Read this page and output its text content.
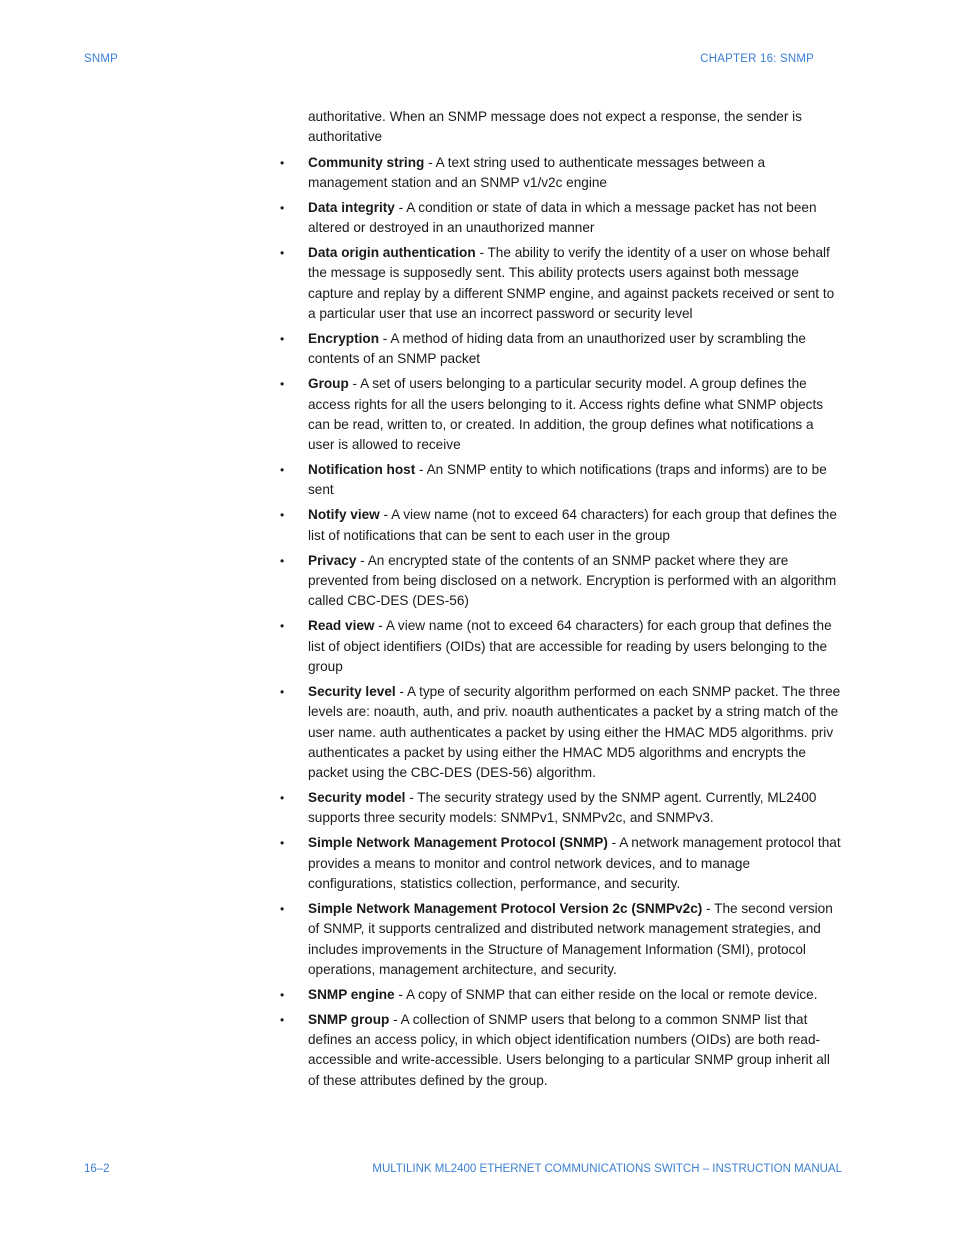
SNMP	CHAPTER 16: SNMP

authoritative. When an SNMP message does not expect a response, the sender is authoritative

• Community string - A text string used to authenticate messages between a management station and an SNMP v1/v2c engine
• Data integrity - A condition or state of data in which a message packet has not been altered or destroyed in an unauthorized manner
• Data origin authentication - The ability to verify the identity of a user on whose behalf the message is supposedly sent. This ability protects users against both message capture and replay by a different SNMP engine, and against packets received or sent to a particular user that use an incorrect password or security level
• Encryption - A method of hiding data from an unauthorized user by scrambling the contents of an SNMP packet
• Group - A set of users belonging to a particular security model. A group defines the access rights for all the users belonging to it. Access rights define what SNMP objects can be read, written to, or created. In addition, the group defines what notifications a user is allowed to receive
• Notification host - An SNMP entity to which notifications (traps and informs) are to be sent
• Notify view - A view name (not to exceed 64 characters) for each group that defines the list of notifications that can be sent to each user in the group
• Privacy - An encrypted state of the contents of an SNMP packet where they are prevented from being disclosed on a network. Encryption is performed with an algorithm called CBC-DES (DES-56)
• Read view - A view name (not to exceed 64 characters) for each group that defines the list of object identifiers (OIDs) that are accessible for reading by users belonging to the group
• Security level - A type of security algorithm performed on each SNMP packet. The three levels are: noauth, auth, and priv. noauth authenticates a packet by a string match of the user name. auth authenticates a packet by using either the HMAC MD5 algorithms. priv authenticates a packet by using either the HMAC MD5 algorithms and encrypts the packet using the CBC-DES (DES-56) algorithm.
• Security model - The security strategy used by the SNMP agent. Currently, ML2400 supports three security models: SNMPv1, SNMPv2c, and SNMPv3.
• Simple Network Management Protocol (SNMP) - A network management protocol that provides a means to monitor and control network devices, and to manage configurations, statistics collection, performance, and security.
• Simple Network Management Protocol Version 2c (SNMPv2c) - The second version of SNMP, it supports centralized and distributed network management strategies, and includes improvements in the Structure of Management Information (SMI), protocol operations, management architecture, and security.
• SNMP engine - A copy of SNMP that can either reside on the local or remote device.
• SNMP group - A collection of SNMP users that belong to a common SNMP list that defines an access policy, in which object identification numbers (OIDs) are both read-accessible and write-accessible. Users belonging to a particular SNMP group inherit all of these attributes defined by the group.
16–2	MULTILINK ML2400 ETHERNET COMMUNICATIONS SWITCH – INSTRUCTION MANUAL
